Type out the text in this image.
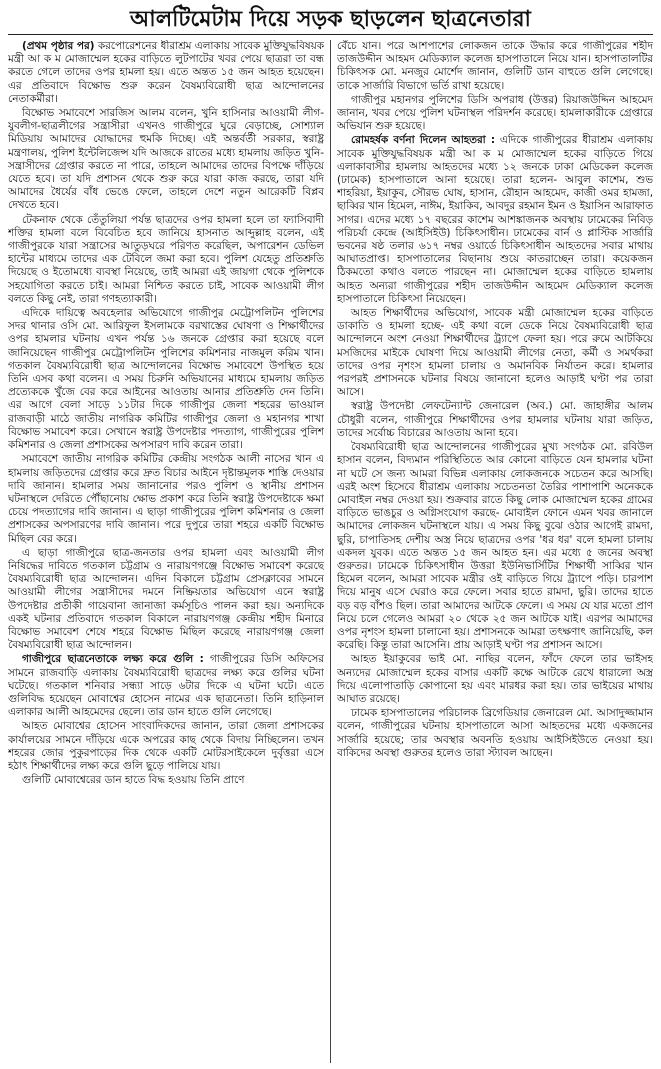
আলটিমেটাম দিয়ে সড়ক ছাড়লেন ছাত্রনেতারা

(প্রথম পৃষ্ঠার পর) করপোরেশনের ধীরাশ্রম এলাকায় সাবেক মুক্তিযুদ্ধবিষয়ক মন্ত্রী আ ক ম মোজাম্মেল হকের বাড়িতে লুটপাটের খবর পেয়ে ছাত্ররা তা বন্ধ করতে গেলে তাদের ওপর হামলা হয়। এতে অন্তত ১৫ জন আহত হয়েছেন। এর প্রতিবাদে বিক্ষোভ শুরু করেন বৈষম্যবিরোধী ছাত্র আন্দোলনের নেতাকর্মীরা।

বিক্ষোভ সমাবেশে সারজিস আলম বলেন, খুনি হাসিনার আওয়ামী লীগ-যুবলীগ-ছাত্রলীগের সন্ত্রাসীরা এখনও গাজীপুরে ঘুরে বেড়াচ্ছে, সোশ্যাল মিডিয়ায় আমাদের যোদ্ধাদের হুমকি দিচ্ছে। এই অন্তর্বর্তী সরকার, স্বরাষ্ট্র মন্ত্রণালয়, পুলিশ ইন্টেলিজেন্স যদি আজকে রাতের মধ্যে হামলায় জড়িত খুনি-সন্ত্রাসীদের গ্রেপ্তার করতে না পারে, তাহলে আমাদের তাদের বিপক্ষে দাঁড়িয়ে যেতে হবে। তা যদি প্রশাসন থেকে শুরু করে যারা কাজ করছে, তারা যদি আমাদের ধৈর্যের বাঁধ ভেঙে ফেলে, তাহলে দেশে নতুন আরেকটি বিপ্লব দেখতে হবে।

টেকনাফ থেকে তেঁতুলিয়া পর্যন্ত ছাত্রদের ওপর হামলা হলে তা ফ্যাসিবাদী শক্তির হামলা বলে বিবেচিত হবে জানিয়ে হাসনাত আব্দুল্লাহ বলেন, এই গাজীপুরকে যারা সন্ত্রাসের আতুড়ঘরে পরিণত করেছিল, অপারেশন ডেভিল হান্টের মাধ্যমে তাদের এক টেবিলে জমা করা হবে। পুলিশ যেহেতু প্রতিশ্রুতি দিয়েছে ও ইতোমধ্যে ব্যবস্থা নিয়েছে, তাই আমরা এই জায়গা থেকে পুলিশকে সহযোগিতা করতে চাই। আমরা নিশ্চিত করতে চাই, সাবেক আওয়ামী লীগ বলতে কিছু নেই, তারা গণহত্যাকারী।

এদিকে দায়িত্বে অবহেলার অভিযোগে গাজীপুর মেট্রোপলিটন পুলিশের সদর থানার ওসি মো. আরিফুল ইসলামকে বরখাস্তের ঘোষণা ও শিক্ষার্থীদের ওপর হামলার ঘটনায় এখন পর্যন্ত ১৬ জনকে গ্রেপ্তার করা হয়েছে বলে জানিয়েছেন গাজীপুর মেট্রোপলিটন পুলিশের কমিশনার নাজমুল করিম খান। গতকাল বৈষম্যবিরোধী ছাত্র আন্দোলনের বিক্ষোভ সমাবেশে উপস্থিত হয়ে তিনি এসব কথা বলেন। এ সময় চিরুনি অভিযানের মাধ্যমে হামলায় জড়িত প্রত্যেককে খুঁজে বের করে আইনের আওতায় আনার প্রতিশ্রুতি দেন তিনি। এর আগে বেলা সাড়ে ১১টার দিকে গাজীপুর জেলা শহরের ভাওয়াল রাজবাড়ী মাঠে জাতীয় নাগরিক কমিটির গাজীপুর জেলা ও মহানগর শাখা বিক্ষোভ সমাবেশ করে। সেখানে স্বরাষ্ট্র উপদেষ্টার পদত্যাগ, গাজীপুরের পুলিশ কমিশনার ও জেলা প্রশাসকের অপসারণ দাবি করেন তারা।

সমাবেশে জাতীয় নাগরিক কমিটির কেন্দ্রীয় সংগঠক আলী নাসের খান এ হামলায় জড়িতদের গ্রেপ্তার করে দ্রুত বিচার আইনে দৃষ্টান্তমূলক শাস্তি দেওয়ার দাবি জানান। হামলার সময় জানানোর পরও পুলিশ ও স্থানীয় প্রশাসন ঘটনাস্থলে দেরিতে পৌঁছানোয় ক্ষোভ প্রকাশ করে তিনি স্বরাষ্ট্র উপদেষ্টাকে ক্ষমা চেয়ে পদত্যাগের দাবি জানান। এ ছাড়া গাজীপুরের পুলিশ কমিশনার ও জেলা প্রশাসকের অপসারণের দাবি জানান। পরে দুপুরে তারা শহরে একটি বিক্ষোভ মিছিল বের করে।

এ ছাড়া গাজীপুরে ছাত্র-জনতার ওপর হামলা এবং আওয়ামী লীগ নিষিদ্ধের দাবিতে গতকাল চট্টগ্রাম ও নারায়ণগঞ্জে বিক্ষোভ সমাবেশ করেছে বৈষম্যবিরোধী ছাত্র আন্দোলন। এদিন বিকালে চট্টগ্রাম প্রেসক্লাবের সামনে আওয়ামী লীগের সন্ত্রাসীদের দমনে নিষ্ক্রিয়তার অভিযোগ এনে স্বরাষ্ট্র উপদেষ্টার প্রতীকী গায়েবানা জানাজা কর্মসূচিও পালন করা হয়। অন্যদিকে একই ঘটনার প্রতিবাদে গতকাল বিকালে নারায়ণগঞ্জ কেন্দ্রীয় শহীদ মিনারে বিক্ষোভ সমাবেশ শেষে শহরে বিক্ষোভ মিছিল করেছে নারায়ণগঞ্জ জেলা বৈষম্যবিরোধী ছাত্র আন্দোলন।

গাজীপুরে ছাত্রনেতাকে লক্ষ্য করে গুলি : গাজীপুরের ডিসি অফিসের সামনে রাজবাড়ি এলাকায় বৈষম্যবিরোধী ছাত্রদের লক্ষ্য করে গুলির ঘটনা ঘটেছে। গতকাল শনিবার সন্ধ্যা সাড়ে ৬টার দিকে এ ঘটনা ঘটে। এতে গুলিবিদ্ধ হয়েছেন মোবাশ্বের হোসেন নামের এক ছাত্রনেতা। তিনি হাড়িনাল এলাকার আলী আহমেদের ছেলে। তার ডান হাতে গুলি লেগেছে।

আহত মোবাশ্বের হোসেন সাংবাদিকদের জানান, তারা জেলা প্রশাসকের কার্যালয়ের সামনে দাঁড়িয়ে একে অপরের কাছ থেকে বিদায় নিচ্ছিলেন। তখন শহরের জোর পুকুরপাড়ের দিক থেকে একটি মোটরসাইকেলে দুর্বৃত্তরা এসে হঠাৎ শিক্ষার্থীদের লক্ষ্য করে গুলি ছুড়ে পালিয়ে যায়।

গুলিটি মোবাশ্বেরের ডান হাতে বিদ্ধ হওয়ায় তিনি প্রাণে

বেঁচে যান। পরে আশপাশের লোকজন তাকে উদ্ধার করে গাজীপুরের শহীদ তাজউদ্দীন আহমদ মেডিক্যাল কলেজ হাসপাতালে নিয়ে যান। হাসপাতালটির চিকিৎসক মো. মনজুর মোর্শেদ জানান, গুলিটি ডান বাহুতে গুলি লেগেছে। তাকে সার্জারি বিভাগে ভর্তি রাখা হয়েছে।

গাজীপুর মহানগর পুলিশের ডিসি অপরাধ (উত্তর) রিয়াজউদ্দিন আহমেদ জানান, খবর পেয়ে পুলিশ ঘটনাস্থল পরিদর্শন করেছে। হামলাকারীকে গ্রেপ্তারে অভিযান শুরু হয়েছে।

রোমহর্ষক বর্ণনা দিলেন আহতরা : এদিকে গাজীপুরের ধীরাশ্রম এলাকায় সাবেক মুক্তিযুদ্ধবিষয়ক মন্ত্রী আ ক ম মোজাম্মেল হকের বাড়িতে গিয়ে এলাকাবাসীর হামলায় আহতদের মধ্যে ১২ জনকে ঢাকা মেডিকেল কলেজ (ঢামেক) হাসপাতালে আনা হয়েছে। তারা হলেন- আবুল কাশেম, শুভ শাহরিয়া, ইয়াকুব, সৌরভ ঘোষ, হাসান, রৌহান আহমেদ, কাজী ওমর হামজা, ছাব্বির খান হিমেল, নাঈম, ইয়াকিব, আবদুর রহমান ইমন ও ইয়াসিন আরাফাত সাগর। এদের মধ্যে ১৭ বছরের কাশেম আশঙ্কাজনক অবস্থায় ঢামেকের নিবিড় পরিচর্যা কেন্দ্রে (আইসিইউ) চিকিৎসাধীন। ঢামেকের বার্ন ও প্লাস্টিক সার্জারি ভবনের ষষ্ঠ তলার ৬১৭ নম্বর ওয়ার্ডে চিকিৎসাধীন আহতদের সবার মাথায় আঘাতপ্রাপ্ত। হাসপাতালের বিছানায় শুয়ে কাতরাচ্ছেন তারা। কয়েকজন ঠিকমতো কথাও বলতে পারছেন না। মোজাম্মেল হকের বাড়িতে হামলায় আহত অন্যরা গাজীপুরের শহীদ তাজউদ্দীন আহমেদ মেডিক্যাল কলেজ হাসপাতালে চিকিৎসা নিয়েছেন।

আহত শিক্ষার্থীদের অভিযোগ, সাবেক মন্ত্রী মোজাম্মেল হকের বাড়িতে ডাকাতি ও হামলা হচ্ছে- এই কথা বলে ডেকে নিয়ে বৈষম্যবিরোধী ছাত্র আন্দোলনে অংশ নেওয়া শিক্ষার্থীদের ট্র্যাপে ফেলা হয়। পরে রুমে আটকিয়ে মসজিদের মাইকে ঘোষণা দিয়ে আওয়ামী লীগের নেতা, কর্মী ও সমর্থকরা তাদের ওপর নৃশংস হামলা চালায় ও অমানবিক নির্যাতন করে। হামলার পরপরই প্রশাসনকে ঘটনার বিষয়ে জানানো হলেও আড়াই ঘণ্টা পর তারা আসে।

স্বরাষ্ট্র উপদেষ্টা লেফটেন্যান্ট জেনারেল (অব.) মো. জাহাঙ্গীর আলম চৌধুরী বলেন, গাজীপুরে শিক্ষার্থীদের ওপর হামলার ঘটনায় যারা জড়িত, তাদের সর্বোচ্চ বিচারের আওতায় আনা হবে।

বৈষম্যবিরোধী ছাত্র আন্দোলনের গাজীপুরের মুখ্য সংগঠক মো. রবিউল হাসান বলেন, বিদ্যমান পরিস্থিতিতে আর কোনো বাড়িতে যেন হামলার ঘটনা না ঘটে সে জন্য আমরা বিভিন্ন এলাকায় লোকজনকে সচেতন করে আসছি। এরই অংশ হিসেবে ধীরাশ্রম এলাকায় সচেতনতা তৈরির পাশাপাশি অনেককে মোবাইল নম্বর দেওয়া হয়। শুক্রবার রাতে কিছু লোক মোজাম্মেল হকের গ্রামের বাড়িতে ভাঙচুর ও অগ্নিসংযোগ করছে- মোবাইল ফোনে এমন খবর জানালে আমাদের লোকজন ঘটনাস্থলে যায়। এ সময় কিছু বুঝে ওঠার আগেই রামদা, ছুরি, চাপাতিসহ দেশীয় অস্ত্র নিয়ে ছাত্রদের ওপর 'ধর ধর' বলে হামলা চালায় একদল যুবক। এতে অন্তত ১৫ জন আহত হন। এর মধ্যে ৫ জনের অবস্থা গুরুতর। ঢামেকে চিকিৎসাধীন উত্তরা ইউনিভার্সিটির শিক্ষার্থী সাব্বির খান হিমেল বলেন, আমরা সাবেক মন্ত্রীর ওই বাড়িতে গিয়ে ট্র্যাপে পড়ি। চারপাশ দিয়ে মানুষ এসে ঘেরাও করে ফেলে। সবার হাতে রামদা, ছুরি। তাদের হাতে বড় বড় বাঁশও ছিল। তারা আমাদের আটকে ফেলে। এ সময় যে যার মতো প্রাণ নিয়ে চলে গেলেও আমরা ২০ থেকে ২৫ জন আটকে যাই। এরপর আমাদের ওপর নৃশংস হামলা চালানো হয়। প্রশাসনকে আমরা তৎক্ষণাৎ জানিয়েছি, কল করেছি। কিন্তু তারা আসেনি। প্রায় আড়াই ঘণ্টা পর প্রশাসন আসে।

আহত ইয়াকুবের ভাই মো. নাছির বলেন, ফাঁদে ফেলে তার ভাইসহ অন্যদের মোজাম্মেল হকের বাসার একটি কক্ষে আটকে রেখে ধারালো অস্ত্র দিয়ে এলোপাতাড়ি কোপানো হয় এবং মারধর করা হয়। তার ভাইয়ের মাথায় আঘাত রয়েছে।

ঢামেক হাসপাতালের পরিচালক ব্রিগেডিয়ার জেনারেল মো. আসাদুজ্জামান বলেন, গাজীপুরের ঘটনায় হাসপাতালে আসা আহতদের মধ্যে একজনের সার্জারি হয়েছে; তার অবস্থার অবনতি হওয়ায় আইসিইউতে নেওয়া হয়। বাকিদের অবস্থা গুরুতর হলেও তারা স্ট্যাবল আছেন।
